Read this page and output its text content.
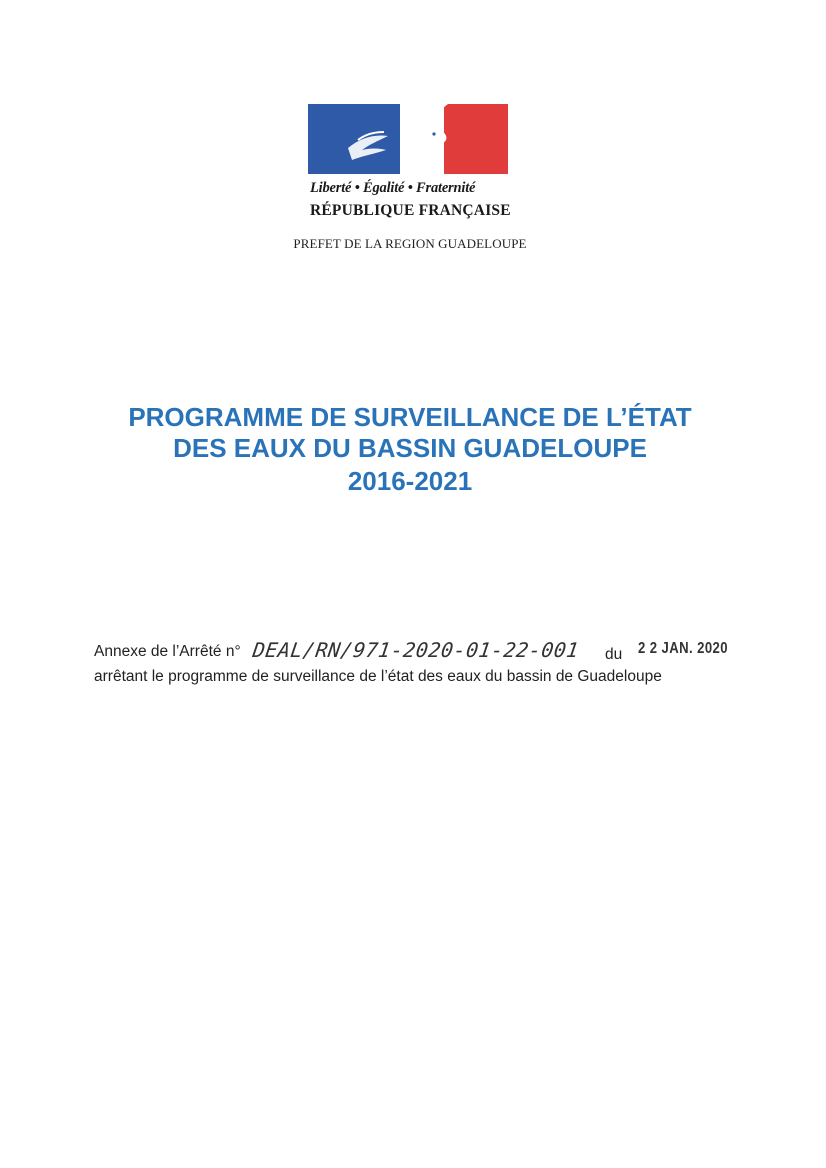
Liberté • Égalité • Fraternité
RÉPUBLIQUE FRANÇAISE
PREFET DE LA REGION GUADELOUPE
PROGRAMME DE SURVEILLANCE DE L’ÉTAT
DES EAUX DU BASSIN GUADELOUPE
2016-2021
Annexe de l’Arrêté n° DEAL/RN/971-2020-01-22-001 du 2 2 JAN. 2020
arrêtant le programme de surveillance de l’état des eaux du bassin de Guadeloupe
